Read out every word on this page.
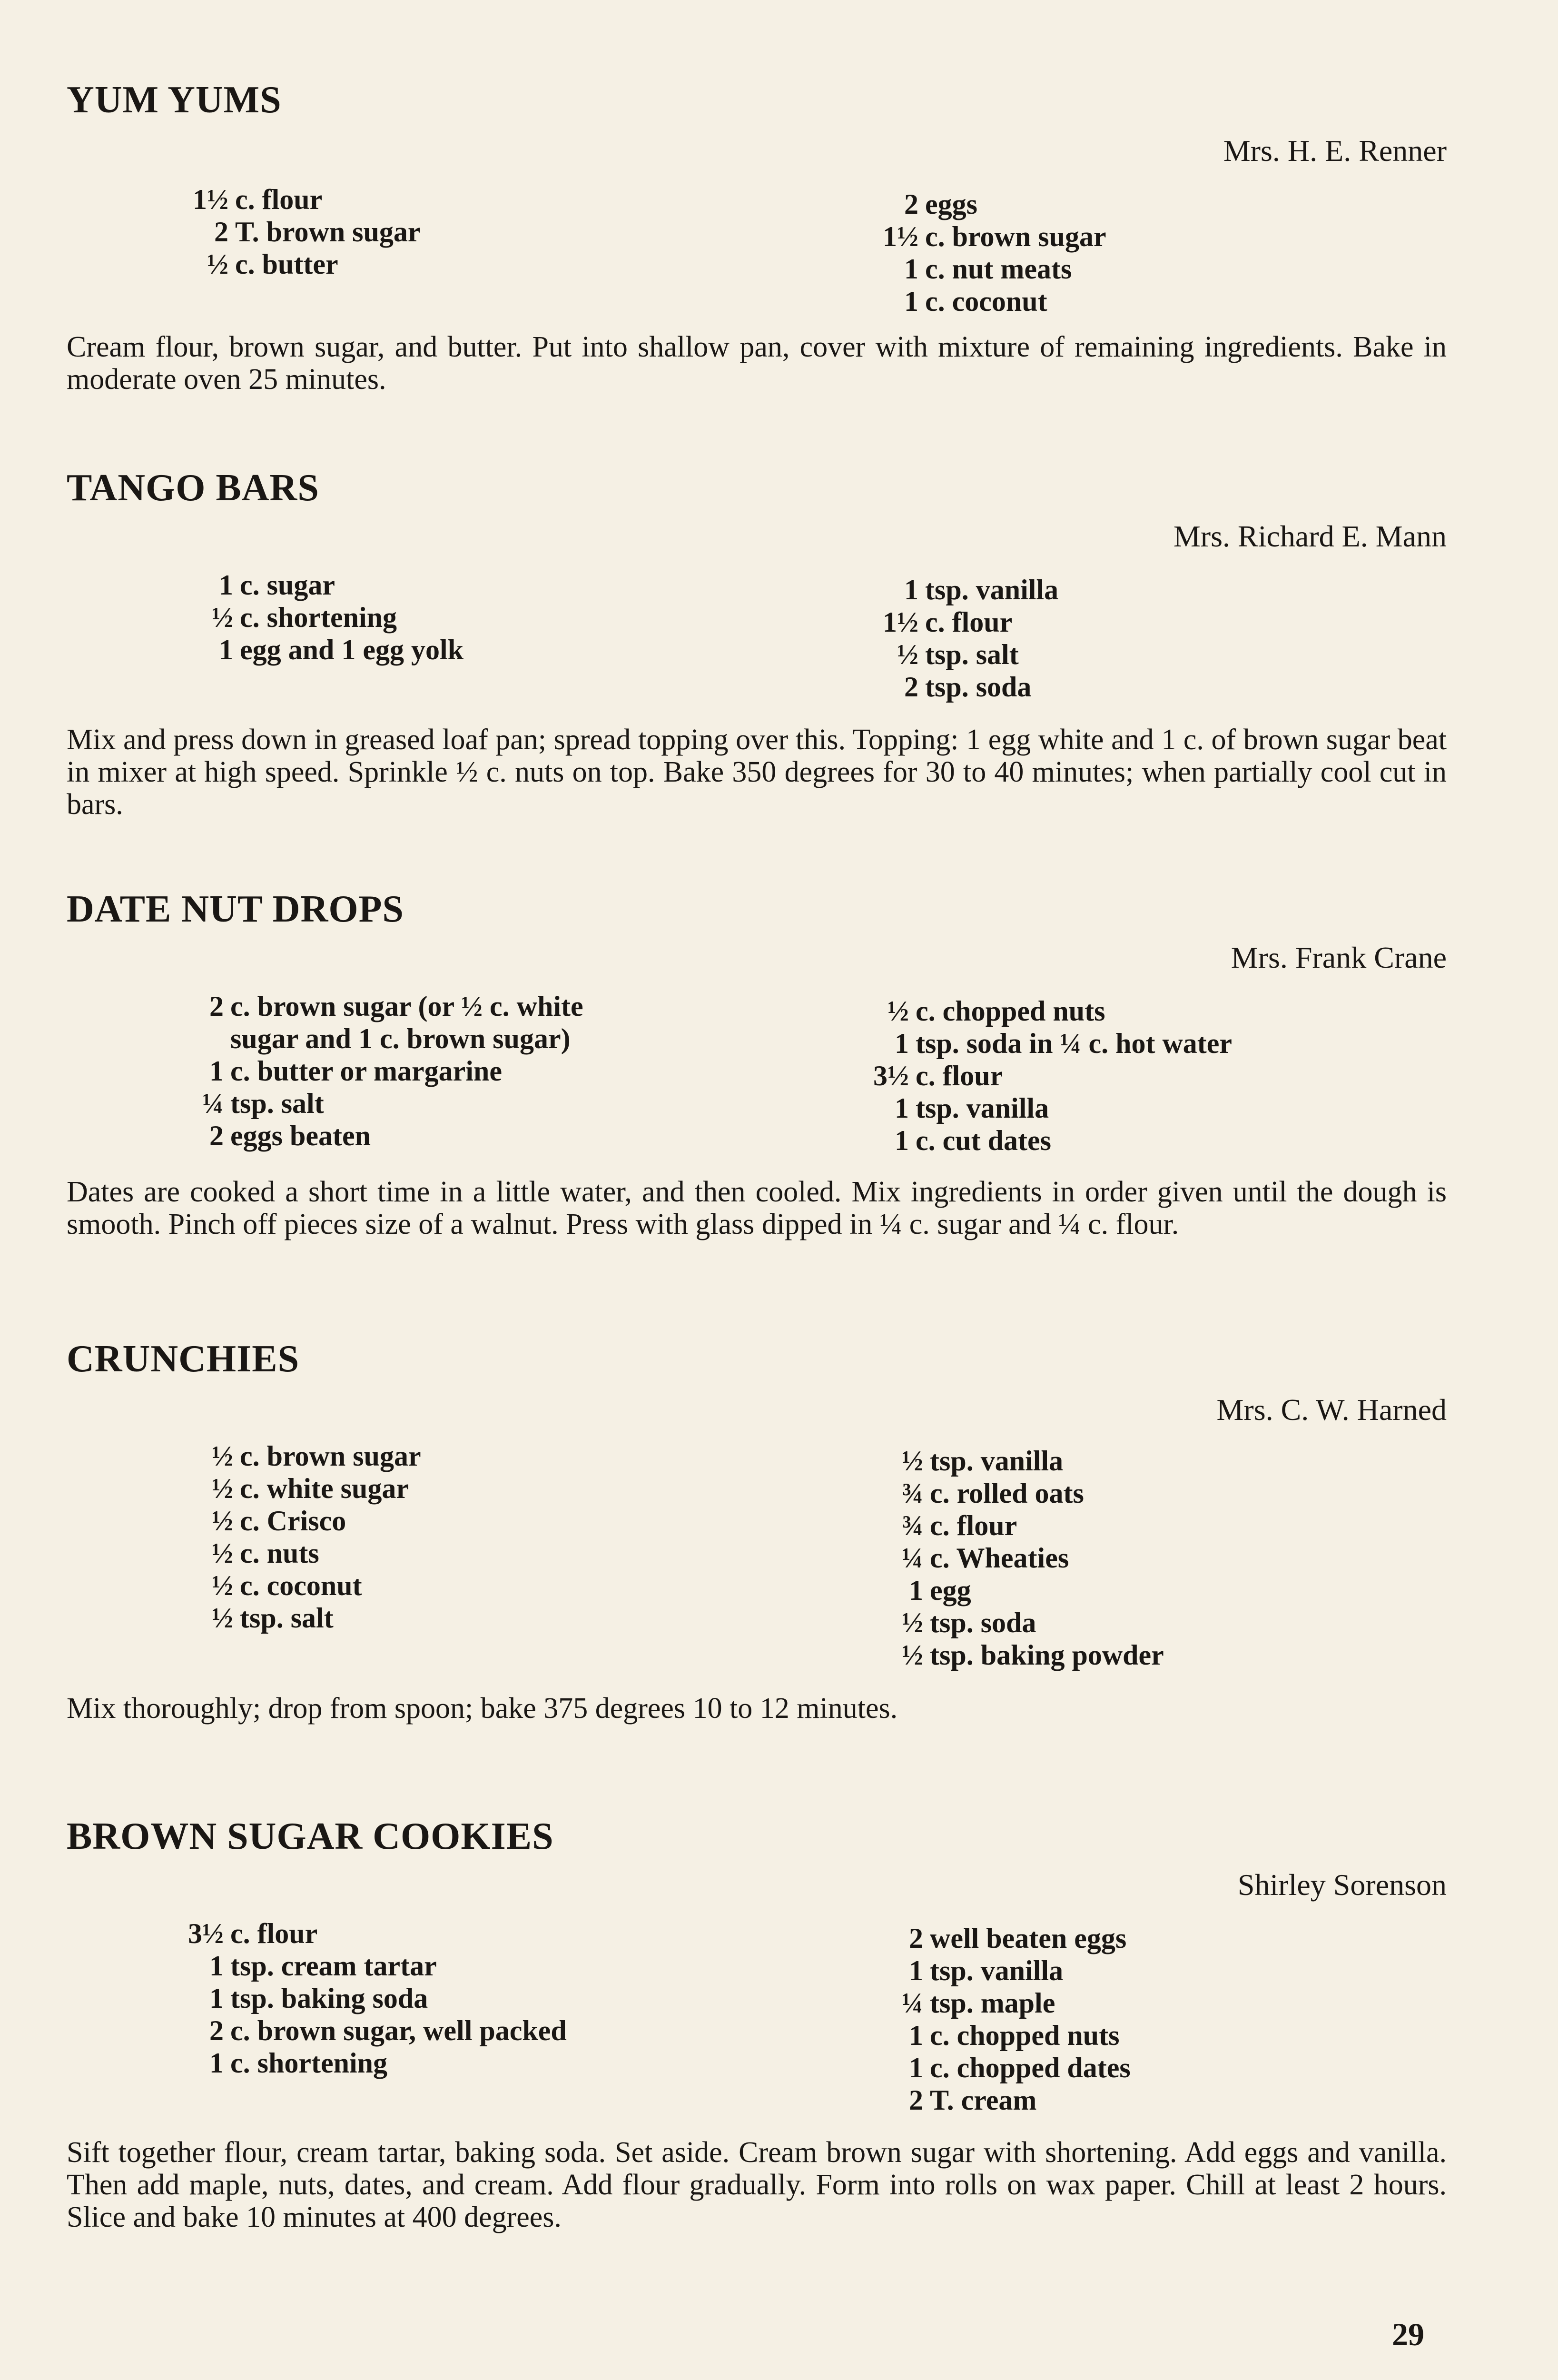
YUM YUMS
Mrs. H. E. Renner
1½ c. flour
2 T. brown sugar
½ c. butter
2 eggs
1½ c. brown sugar
1 c. nut meats
1 c. coconut

Cream flour, brown sugar, and butter. Put into shallow pan, cover with mixture of remaining ingredients. Bake in moderate oven 25 minutes.

TANGO BARS
Mrs. Richard E. Mann
1 c. sugar
½ c. shortening
1 egg and 1 egg yolk
1 tsp. vanilla
1½ c. flour
½ tsp. salt
2 tsp. soda

Mix and press down in greased loaf pan; spread topping over this. Topping: 1 egg white and 1 c. of brown sugar beat in mixer at high speed. Sprinkle ½ c. nuts on top. Bake 350 degrees for 30 to 40 minutes; when partially cool cut in bars.

DATE NUT DROPS
Mrs. Frank Crane
2 c. brown sugar (or ½ c. white
sugar and 1 c. brown sugar)
1 c. butter or margarine
¼ tsp. salt
2 eggs beaten
½ c. chopped nuts
1 tsp. soda in ¼ c. hot water
3½ c. flour
1 tsp. vanilla
1 c. cut dates

Dates are cooked a short time in a little water, and then cooled. Mix ingredients in order given until the dough is smooth. Pinch off pieces size of a walnut. Press with glass dipped in ¼ c. sugar and ¼ c. flour.

CRUNCHIES
Mrs. C. W. Harned
½ c. brown sugar
½ c. white sugar
½ c. Crisco
½ c. nuts
½ c. coconut
½ tsp. salt
½ tsp. vanilla
¾ c. rolled oats
¾ c. flour
¼ c. Wheaties
1 egg
½ tsp. soda
½ tsp. baking powder

Mix thoroughly; drop from spoon; bake 375 degrees 10 to 12 minutes.

BROWN SUGAR COOKIES
Shirley Sorenson
3½ c. flour
1 tsp. cream tartar
1 tsp. baking soda
2 c. brown sugar, well packed
1 c. shortening
2 well beaten eggs
1 tsp. vanilla
¼ tsp. maple
1 c. chopped nuts
1 c. chopped dates
2 T. cream

Sift together flour, cream tartar, baking soda. Set aside. Cream brown sugar with shortening. Add eggs and vanilla. Then add maple, nuts, dates, and cream. Add flour gradually. Form into rolls on wax paper. Chill at least 2 hours. Slice and bake 10 minutes at 400 degrees.

29
